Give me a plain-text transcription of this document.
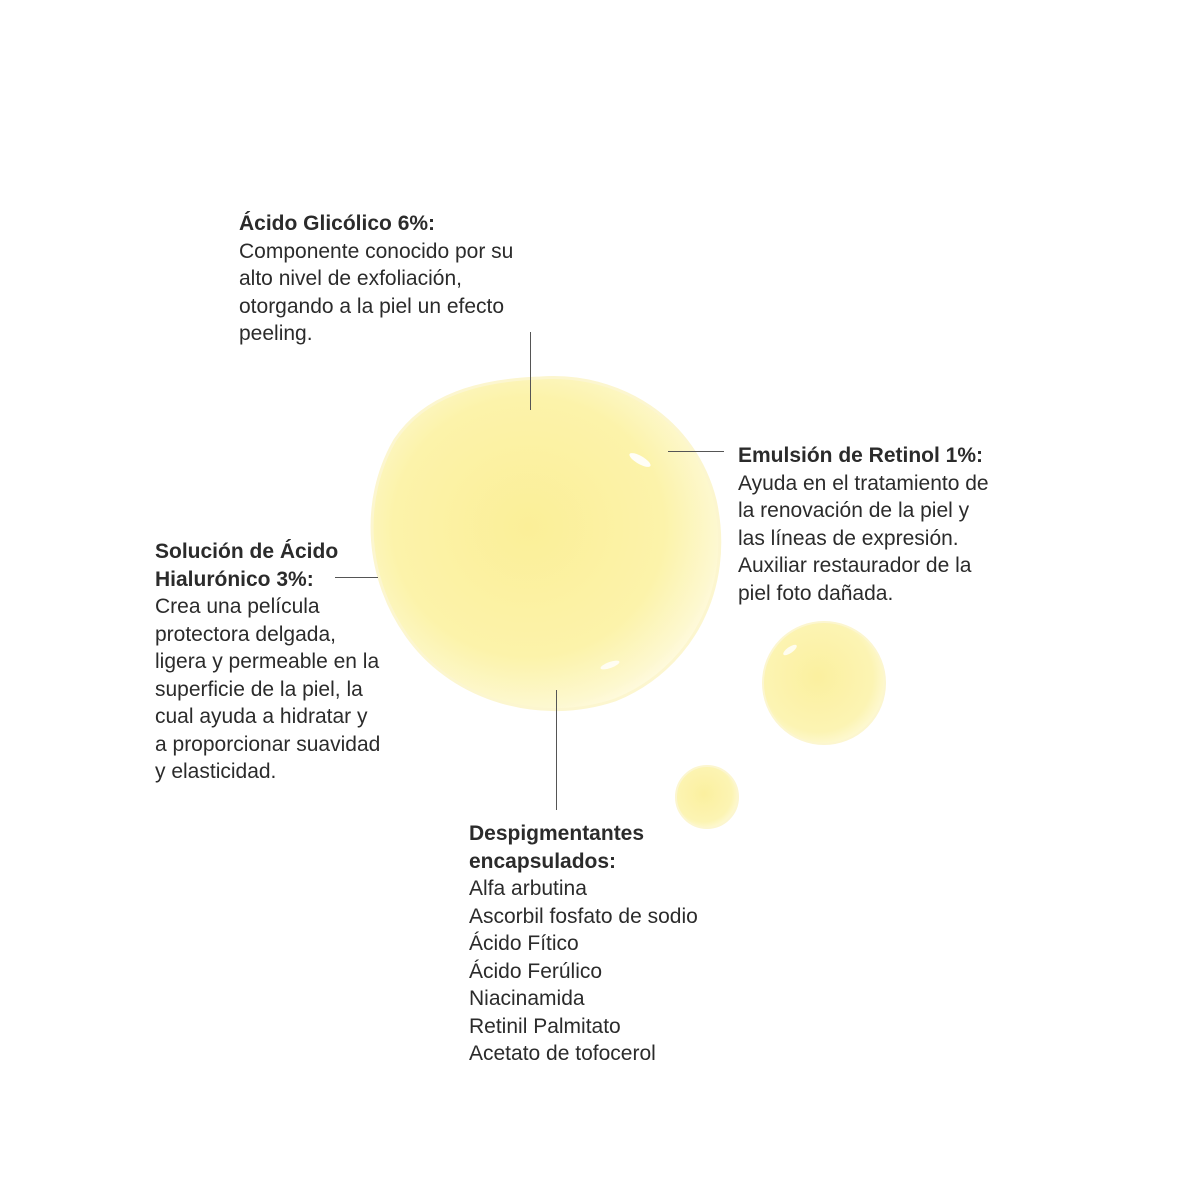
Ácido Glicólico 6%:
Componente conocido por su
alto nivel de exfoliación,
otorgando a la piel un efecto
peeling.
Emulsión de Retinol 1%:
Ayuda en el tratamiento de
la renovación de la piel y
las líneas de expresión.
Auxiliar restaurador de la
piel foto dañada.
Solución de Ácido
Hialurónico 3%:
Crea una película
protectora delgada,
ligera y permeable en la
superficie de la piel, la
cual ayuda a hidratar y
a proporcionar suavidad
y elasticidad.
Despigmentantes
encapsulados:
Alfa arbutina
Ascorbil fosfato de sodio
Ácido Fítico
Ácido Ferúlico
Niacinamida
Retinil Palmitato
Acetato de tofocerol
